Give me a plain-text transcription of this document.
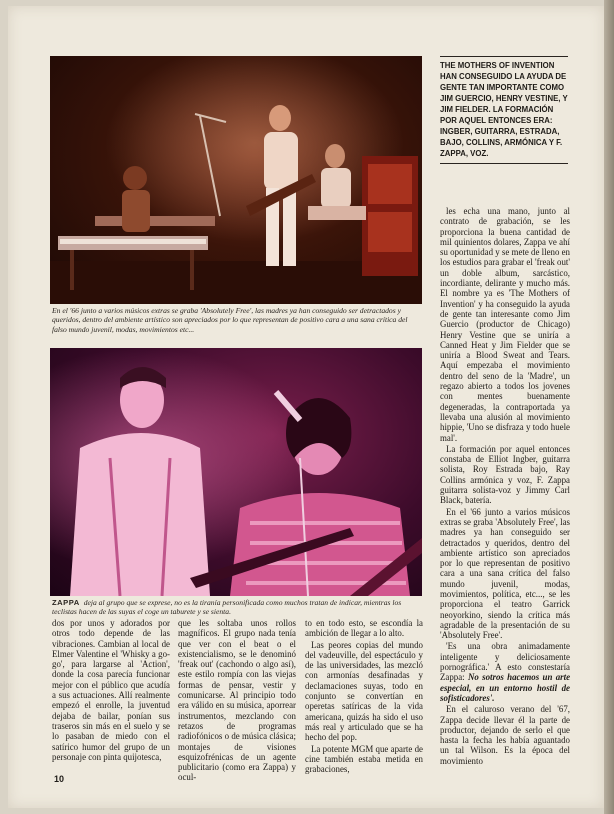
En el '66 junto a varios músicos extras se graba 'Absolutely Free', las madres ya han conseguido ser detractados y queridos, dentro del ambiente artístico son apreciados por lo que representan de positivo cara a una sana crítica del falso mundo juvenil, modas, movimientos etc...

ZAPPA deja al grupo que se exprese, no es la tiranía personificada como muchos tratan de indicar, mientras los teclistas hacen de las suyas el coge un taburete y se sienta.

THE MOTHERS OF INVENTION HAN CONSEGUIDO LA AYUDA DE GENTE TAN IMPORTANTE COMO JIM GUERCIO, HENRY VESTINE, Y JIM FIELDER. LA FORMACIÓN POR AQUEL ENTONCES ERA: INGBER, GUITARRA, ESTRADA, BAJO, COLLINS, ARMÓNICA Y F. ZAPPA, VOZ.

les echa una mano, junto al contrato de grabación, se les proporciona la buena cantidad de mil quinientos dolares, Zappa ve ahí su oportunidad y se mete de lleno en los estudios para grabar el 'freak out' un doble album, sarcástico, incordiante, delirante y mucho más. El nombre ya es 'The Mothers of Invention' y ha conseguido la ayuda de gente tan interesante como Jim Guercio (productor de Chicago) Henry Vestine que se uniría a Canned Heat y Jim Fielder que se uniría a Blood Sweat and Tears. Aquí empezaba el movimiento dentro del seno de la 'Madre', un regazo abierto a todos los jovenes con mentes buenamente degeneradas, la contraportada ya llevaba una alusión al movimiento hippie, 'Uno se disfraza y todo huele mal'.

La formación por aquel entonces constaba de Elliot Ingber, guitarra solista, Roy Estrada bajo, Ray Collins armónica y voz, F. Zappa guitarra solista-voz y Jimmy Carl Black, batería.

En el '66 junto a varios músicos extras se graba 'Absolutely Free', las madres ya han conseguido ser detractados y queridos, dentro del ambiente artístico son apreciados por lo que representan de positivo cara a una sana crítica del falso mundo juvenil, modas, movimientos, política, etc..., se les proporciona el teatro Garrick neoyorkino, siendo la crítica más agradable de la presentación de su 'Absolutely Free'.

'Es una obra animadamente inteligente y deliciosamente pornográfica.' A esto constestaría Zappa: No sotros hacemos un arte especial, en un entorno hostil de sofisticadores'.

En el caluroso verano del '67, Zappa decide llevar él la parte de productor, dejando de serlo el que hasta la fecha les había aguantado un tal Wilson. Es la época del movimiento

dos por unos y adorados por otros todo depende de las vibraciones. Cambian al local de Elmer Valentine el 'Whisky a go-go', para largarse al 'Action', donde la cosa parecía funcionar mejor con el público que acudía a sus actuaciones. Allí realmente empezó el enrolle, la juventud dejaba de bailar, ponían sus traseros sin más en el suelo y se lo pasaban de miedo con el satírico humor del grupo de un personaje con pinta quijotesca,

que les soltaba unos rollos magníficos. El grupo nada tenía que ver con el beat o el existencialismo, se le denominó 'freak out' (cachondo o algo así), este estilo rompía con las viejas formas de pensar, vestir y comunicarse. Al principio todo era válido en su música, aporrear instrumentos, mezclando con retazos de programas radiofónicos o de música clásica; montajes de visiones esquizofrénicas de un agente publicitario (como era Zappa) y ocul-

to en todo esto, se escondía la ambición de llegar a lo alto.

Las peores copias del mundo del vadeuville, del espectáculo y de las universidades, las mezcló con armonías desafinadas y declamaciones suyas, todo en conjunto se convertían en operetas satíricas de la vida americana, quizás ha sido el uso más real y articulado que se ha hecho del pop.

La potente MGM que aparte de cine también estaba metida en grabaciones,

10
